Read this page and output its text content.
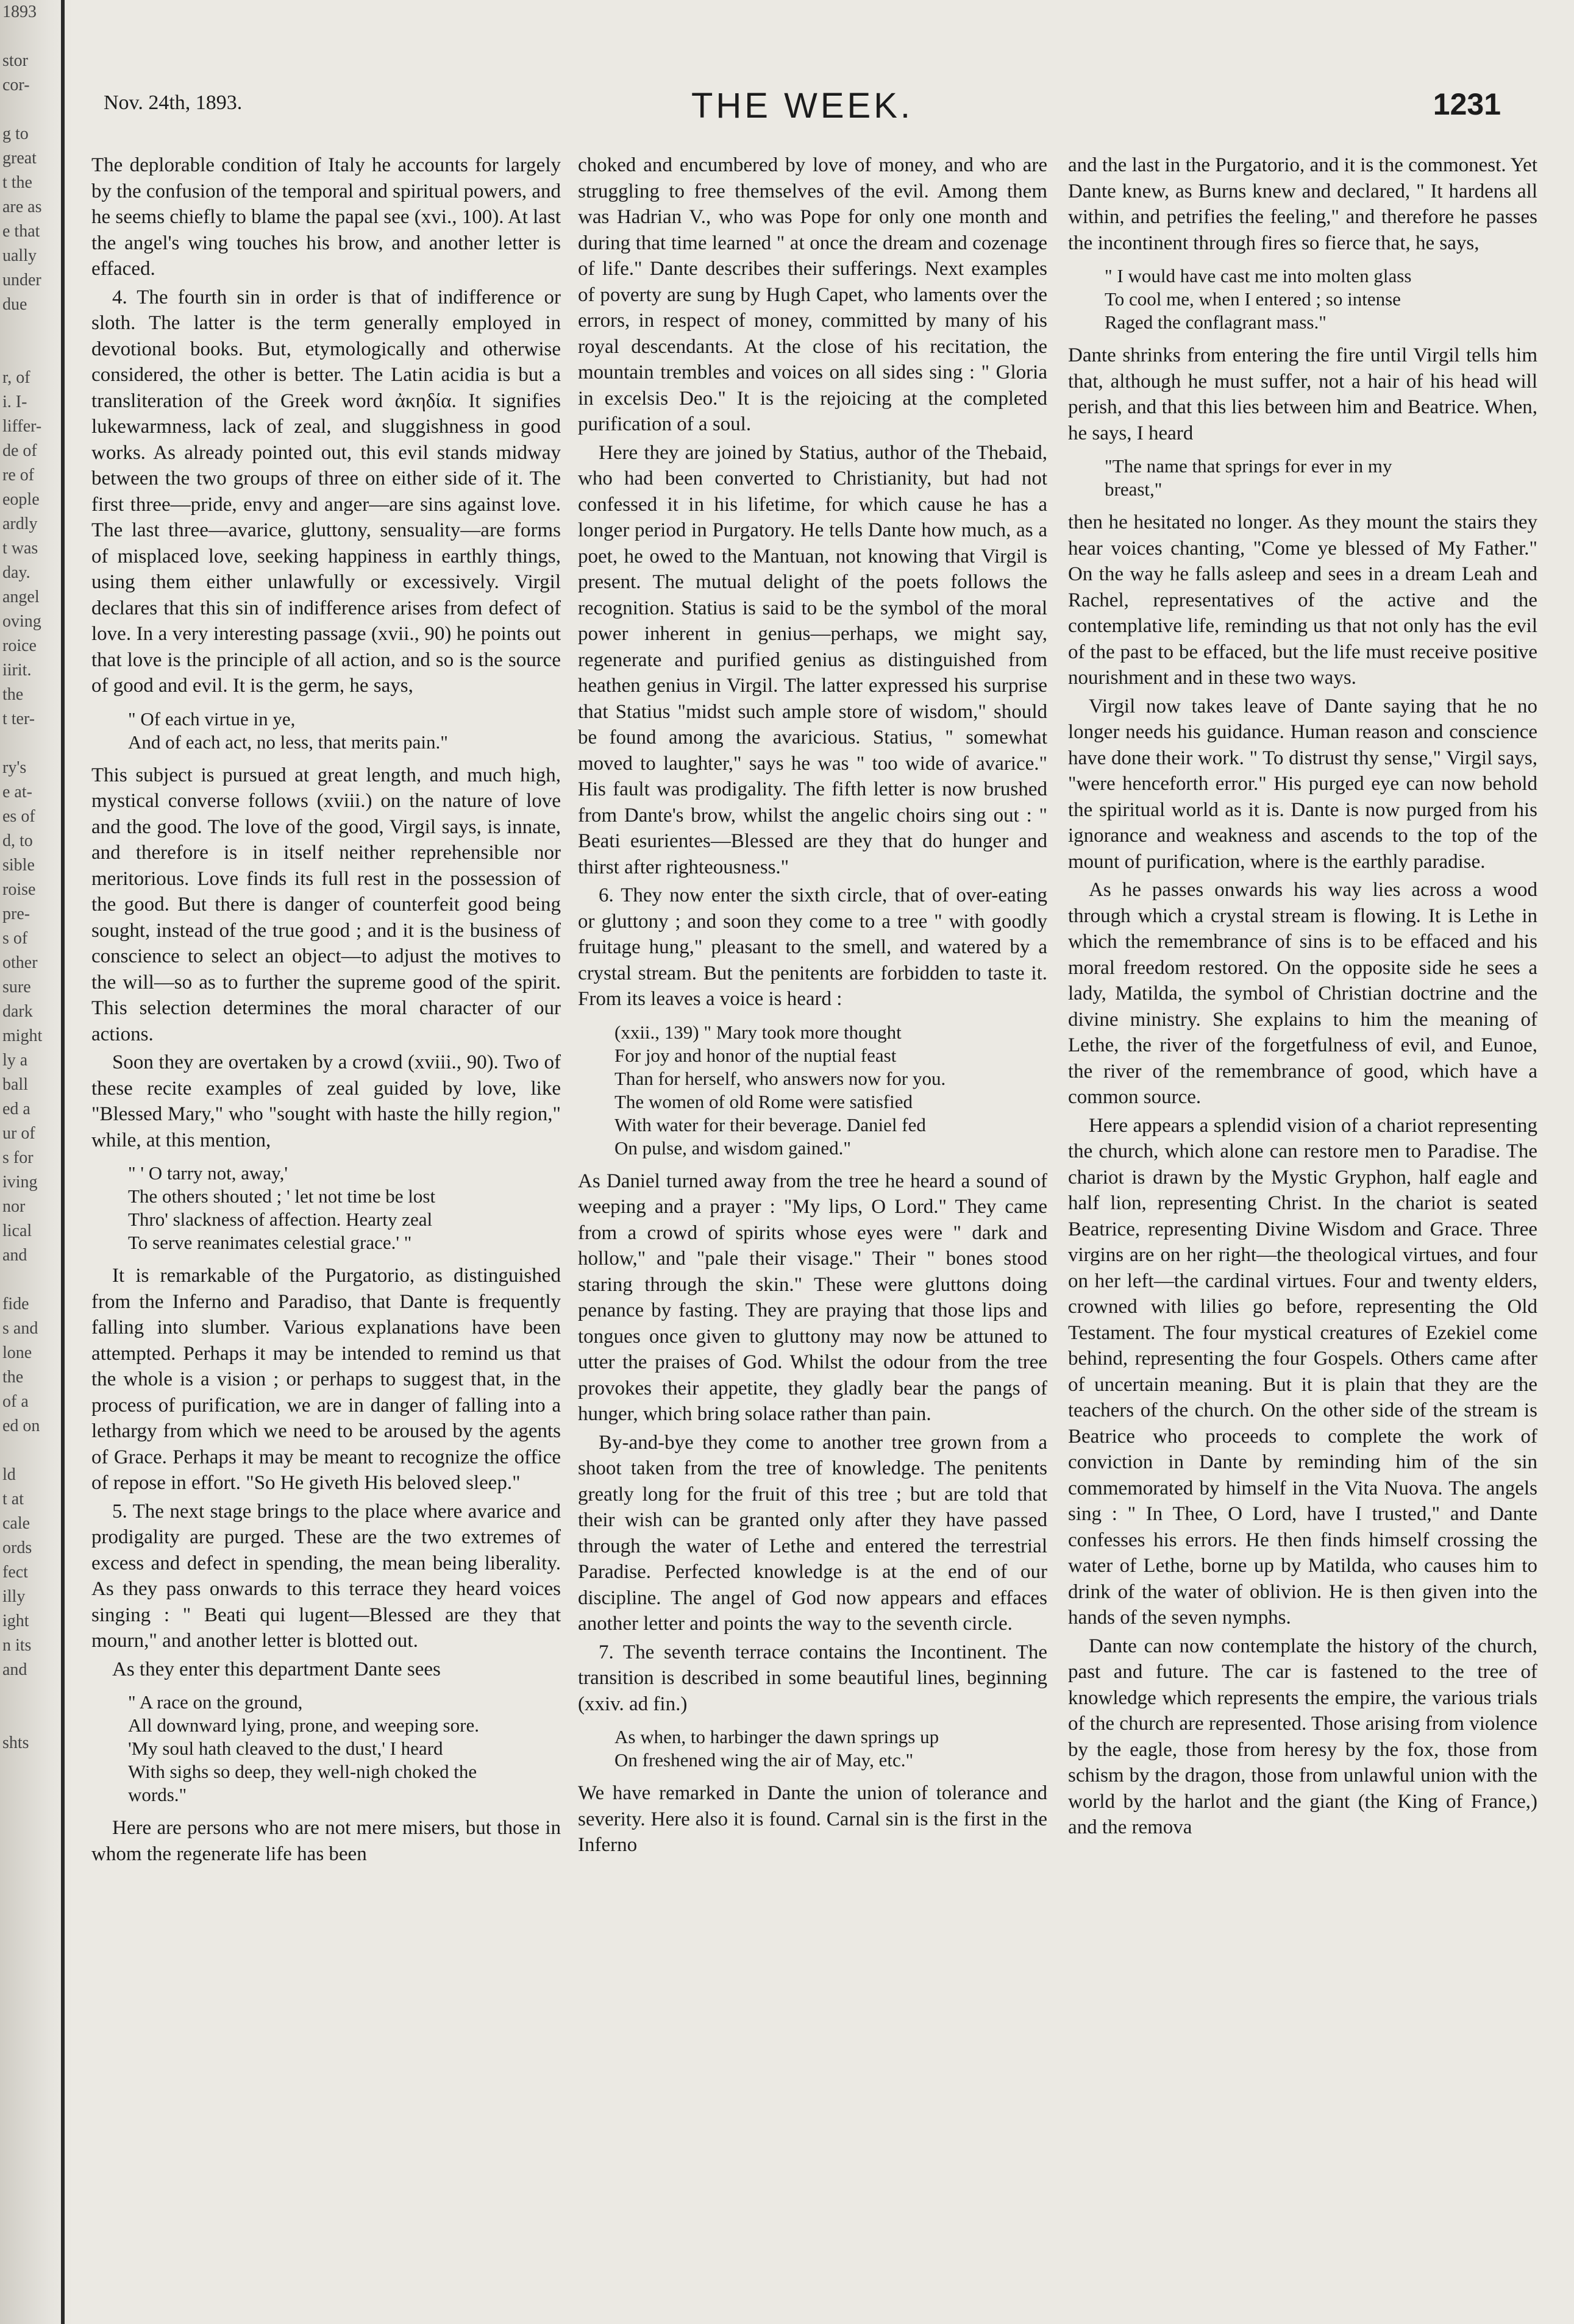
1893

stor
cor-

g to
great
t the
are as
e that
ually
under
due

r, of
i. I-
liffer-
de of
re of
eople
ardly
t was
day.
angel
oving
roice
iirit.
the
t ter-

ry's
e at-
es of
d, to
sible
roise
pre-
s of
other
sure
dark
might
ly a
ball
ed a
ur of
s for
iving
nor
lical
and

fide
s and
lone
the
of a
ed on

ld
t at
cale
ords
fect
illy
ight
n its
and

shts
Nov. 24th, 1893.	THE WEEK.	1231

The deplorable condition of Italy he accounts for largely by the confusion of the temporal and spiritual powers, and he seems chiefly to blame the papal see (xvi., 100). At last the angel's wing touches his brow, and another letter is effaced.

4. The fourth sin in order is that of indifference or sloth. The latter is the term generally employed in devotional books. But, etymologically and otherwise considered, the other is better. The Latin acidia is but a transliteration of the Greek word ἀκηδία. It signifies lukewarmness, lack of zeal, and sluggishness in good works. As already pointed out, this evil stands midway between the two groups of three on either side of it. The first three—pride, envy and anger—are sins against love. The last three—avarice, gluttony, sensuality—are forms of misplaced love, seeking happiness in earthly things, using them either unlawfully or excessively. Virgil declares that this sin of indifference arises from defect of love. In a very interesting passage (xvii., 90) he points out that love is the principle of all action, and so is the source of good and evil. It is the germ, he says,

" Of each virtue in ye,
And of each act, no less, that merits pain."

This subject is pursued at great length, and much high, mystical converse follows (xviii.) on the nature of love and the good. The love of the good, Virgil says, is innate, and therefore is in itself neither reprehensible nor meritorious. Love finds its full rest in the possession of the good. But there is danger of counterfeit good being sought, instead of the true good ; and it is the business of conscience to select an object—to adjust the motives to the will—so as to further the supreme good of the spirit. This selection determines the moral character of our actions.

Soon they are overtaken by a crowd (xviii., 90). Two of these recite examples of zeal guided by love, like "Blessed Mary," who "sought with haste the hilly region," while, at this mention,

" ' O tarry not, away,'
The others shouted ; ' let not time be lost
Thro' slackness of affection. Hearty zeal
To serve reanimates celestial grace.' "

It is remarkable of the Purgatorio, as distinguished from the Inferno and Paradiso, that Dante is frequently falling into slumber. Various explanations have been attempted. Perhaps it may be intended to remind us that the whole is a vision ; or perhaps to suggest that, in the process of purification, we are in danger of falling into a lethargy from which we need to be aroused by the agents of Grace. Perhaps it may be meant to recognize the office of repose in effort. "So He giveth His beloved sleep."

5. The next stage brings to the place where avarice and prodigality are purged. These are the two extremes of excess and defect in spending, the mean being liberality. As they pass onwards to this terrace they heard voices singing : " Beati qui lugent—Blessed are they that mourn," and another letter is blotted out.

As they enter this department Dante sees

" A race on the ground,
All downward lying, prone, and weeping sore.
'My soul hath cleaved to the dust,' I heard
With sighs so deep, they well-nigh choked the
words."

Here are persons who are not mere misers, but those in whom the regenerate life has been

choked and encumbered by love of money, and who are struggling to free themselves of the evil. Among them was Hadrian V., who was Pope for only one month and during that time learned " at once the dream and cozenage of life." Dante describes their sufferings. Next examples of poverty are sung by Hugh Capet, who laments over the errors, in respect of money, committed by many of his royal descendants. At the close of his recitation, the mountain trembles and voices on all sides sing : " Gloria in excelsis Deo." It is the rejoicing at the completed purification of a soul.

Here they are joined by Statius, author of the Thebaid, who had been converted to Christianity, but had not confessed it in his lifetime, for which cause he has a longer period in Purgatory. He tells Dante how much, as a poet, he owed to the Mantuan, not knowing that Virgil is present. The mutual delight of the poets follows the recognition. Statius is said to be the symbol of the moral power inherent in genius—perhaps, we might say, regenerate and purified genius as distinguished from heathen genius in Virgil. The latter expressed his surprise that Statius "midst such ample store of wisdom," should be found among the avaricious. Statius, " somewhat moved to laughter," says he was " too wide of avarice." His fault was prodigality. The fifth letter is now brushed from Dante's brow, whilst the angelic choirs sing out : " Beati esurientes—Blessed are they that do hunger and thirst after righteousness."

6. They now enter the sixth circle, that of over-eating or gluttony ; and soon they come to a tree " with goodly fruitage hung," pleasant to the smell, and watered by a crystal stream. But the penitents are forbidden to taste it. From its leaves a voice is heard :

(xxii., 139) " Mary took more thought
For joy and honor of the nuptial feast
Than for herself, who answers now for you.
The women of old Rome were satisfied
With water for their beverage. Daniel fed
On pulse, and wisdom gained."

As Daniel turned away from the tree he heard a sound of weeping and a prayer : "My lips, O Lord." They came from a crowd of spirits whose eyes were " dark and hollow," and "pale their visage." Their " bones stood staring through the skin." These were gluttons doing penance by fasting. They are praying that those lips and tongues once given to gluttony may now be attuned to utter the praises of God. Whilst the odour from the tree provokes their appetite, they gladly bear the pangs of hunger, which bring solace rather than pain.

By-and-bye they come to another tree grown from a shoot taken from the tree of knowledge. The penitents greatly long for the fruit of this tree ; but are told that their wish can be granted only after they have passed through the water of Lethe and entered the terrestrial Paradise. Perfected knowledge is at the end of our discipline. The angel of God now appears and effaces another letter and points the way to the seventh circle.

7. The seventh terrace contains the Incontinent. The transition is described in some beautiful lines, beginning (xxiv. ad fin.)

As when, to harbinger the dawn springs up
On freshened wing the air of May, etc."

We have remarked in Dante the union of tolerance and severity. Here also it is found. Carnal sin is the first in the Inferno

and the last in the Purgatorio, and it is the commonest. Yet Dante knew, as Burns knew and declared, " It hardens all within, and petrifies the feeling," and therefore he passes the incontinent through fires so fierce that, he says,

" I would have cast me into molten glass
To cool me, when I entered ; so intense
Raged the conflagrant mass."

Dante shrinks from entering the fire until Virgil tells him that, although he must suffer, not a hair of his head will perish, and that this lies between him and Beatrice. When, he says, I heard

"The name that springs for ever in my
breast,"

then he hesitated no longer. As they mount the stairs they hear voices chanting, "Come ye blessed of My Father." On the way he falls asleep and sees in a dream Leah and Rachel, representatives of the active and the contemplative life, reminding us that not only has the evil of the past to be effaced, but the life must receive positive nourishment and in these two ways.

Virgil now takes leave of Dante saying that he no longer needs his guidance. Human reason and conscience have done their work. " To distrust thy sense," Virgil says, "were henceforth error." His purged eye can now behold the spiritual world as it is. Dante is now purged from his ignorance and weakness and ascends to the top of the mount of purification, where is the earthly paradise.

As he passes onwards his way lies across a wood through which a crystal stream is flowing. It is Lethe in which the remembrance of sins is to be effaced and his moral freedom restored. On the opposite side he sees a lady, Matilda, the symbol of Christian doctrine and the divine ministry. She explains to him the meaning of Lethe, the river of the forgetfulness of evil, and Eunoe, the river of the remembrance of good, which have a common source.

Here appears a splendid vision of a chariot representing the church, which alone can restore men to Paradise. The chariot is drawn by the Mystic Gryphon, half eagle and half lion, representing Christ. In the chariot is seated Beatrice, representing Divine Wisdom and Grace. Three virgins are on her right—the theological virtues, and four on her left—the cardinal virtues. Four and twenty elders, crowned with lilies go before, representing the Old Testament. The four mystical creatures of Ezekiel come behind, representing the four Gospels. Others came after of uncertain meaning. But it is plain that they are the teachers of the church. On the other side of the stream is Beatrice who proceeds to complete the work of conviction in Dante by reminding him of the sin commemorated by himself in the Vita Nuova. The angels sing : " In Thee, O Lord, have I trusted," and Dante confesses his errors. He then finds himself crossing the water of Lethe, borne up by Matilda, who causes him to drink of the water of oblivion. He is then given into the hands of the seven nymphs.

Dante can now contemplate the history of the church, past and future. The car is fastened to the tree of knowledge which represents the empire, the various trials of the church are represented. Those arising from violence by the eagle, those from heresy by the fox, those from schism by the dragon, those from unlawful union with the world by the harlot and the giant (the King of France,) and the remova
